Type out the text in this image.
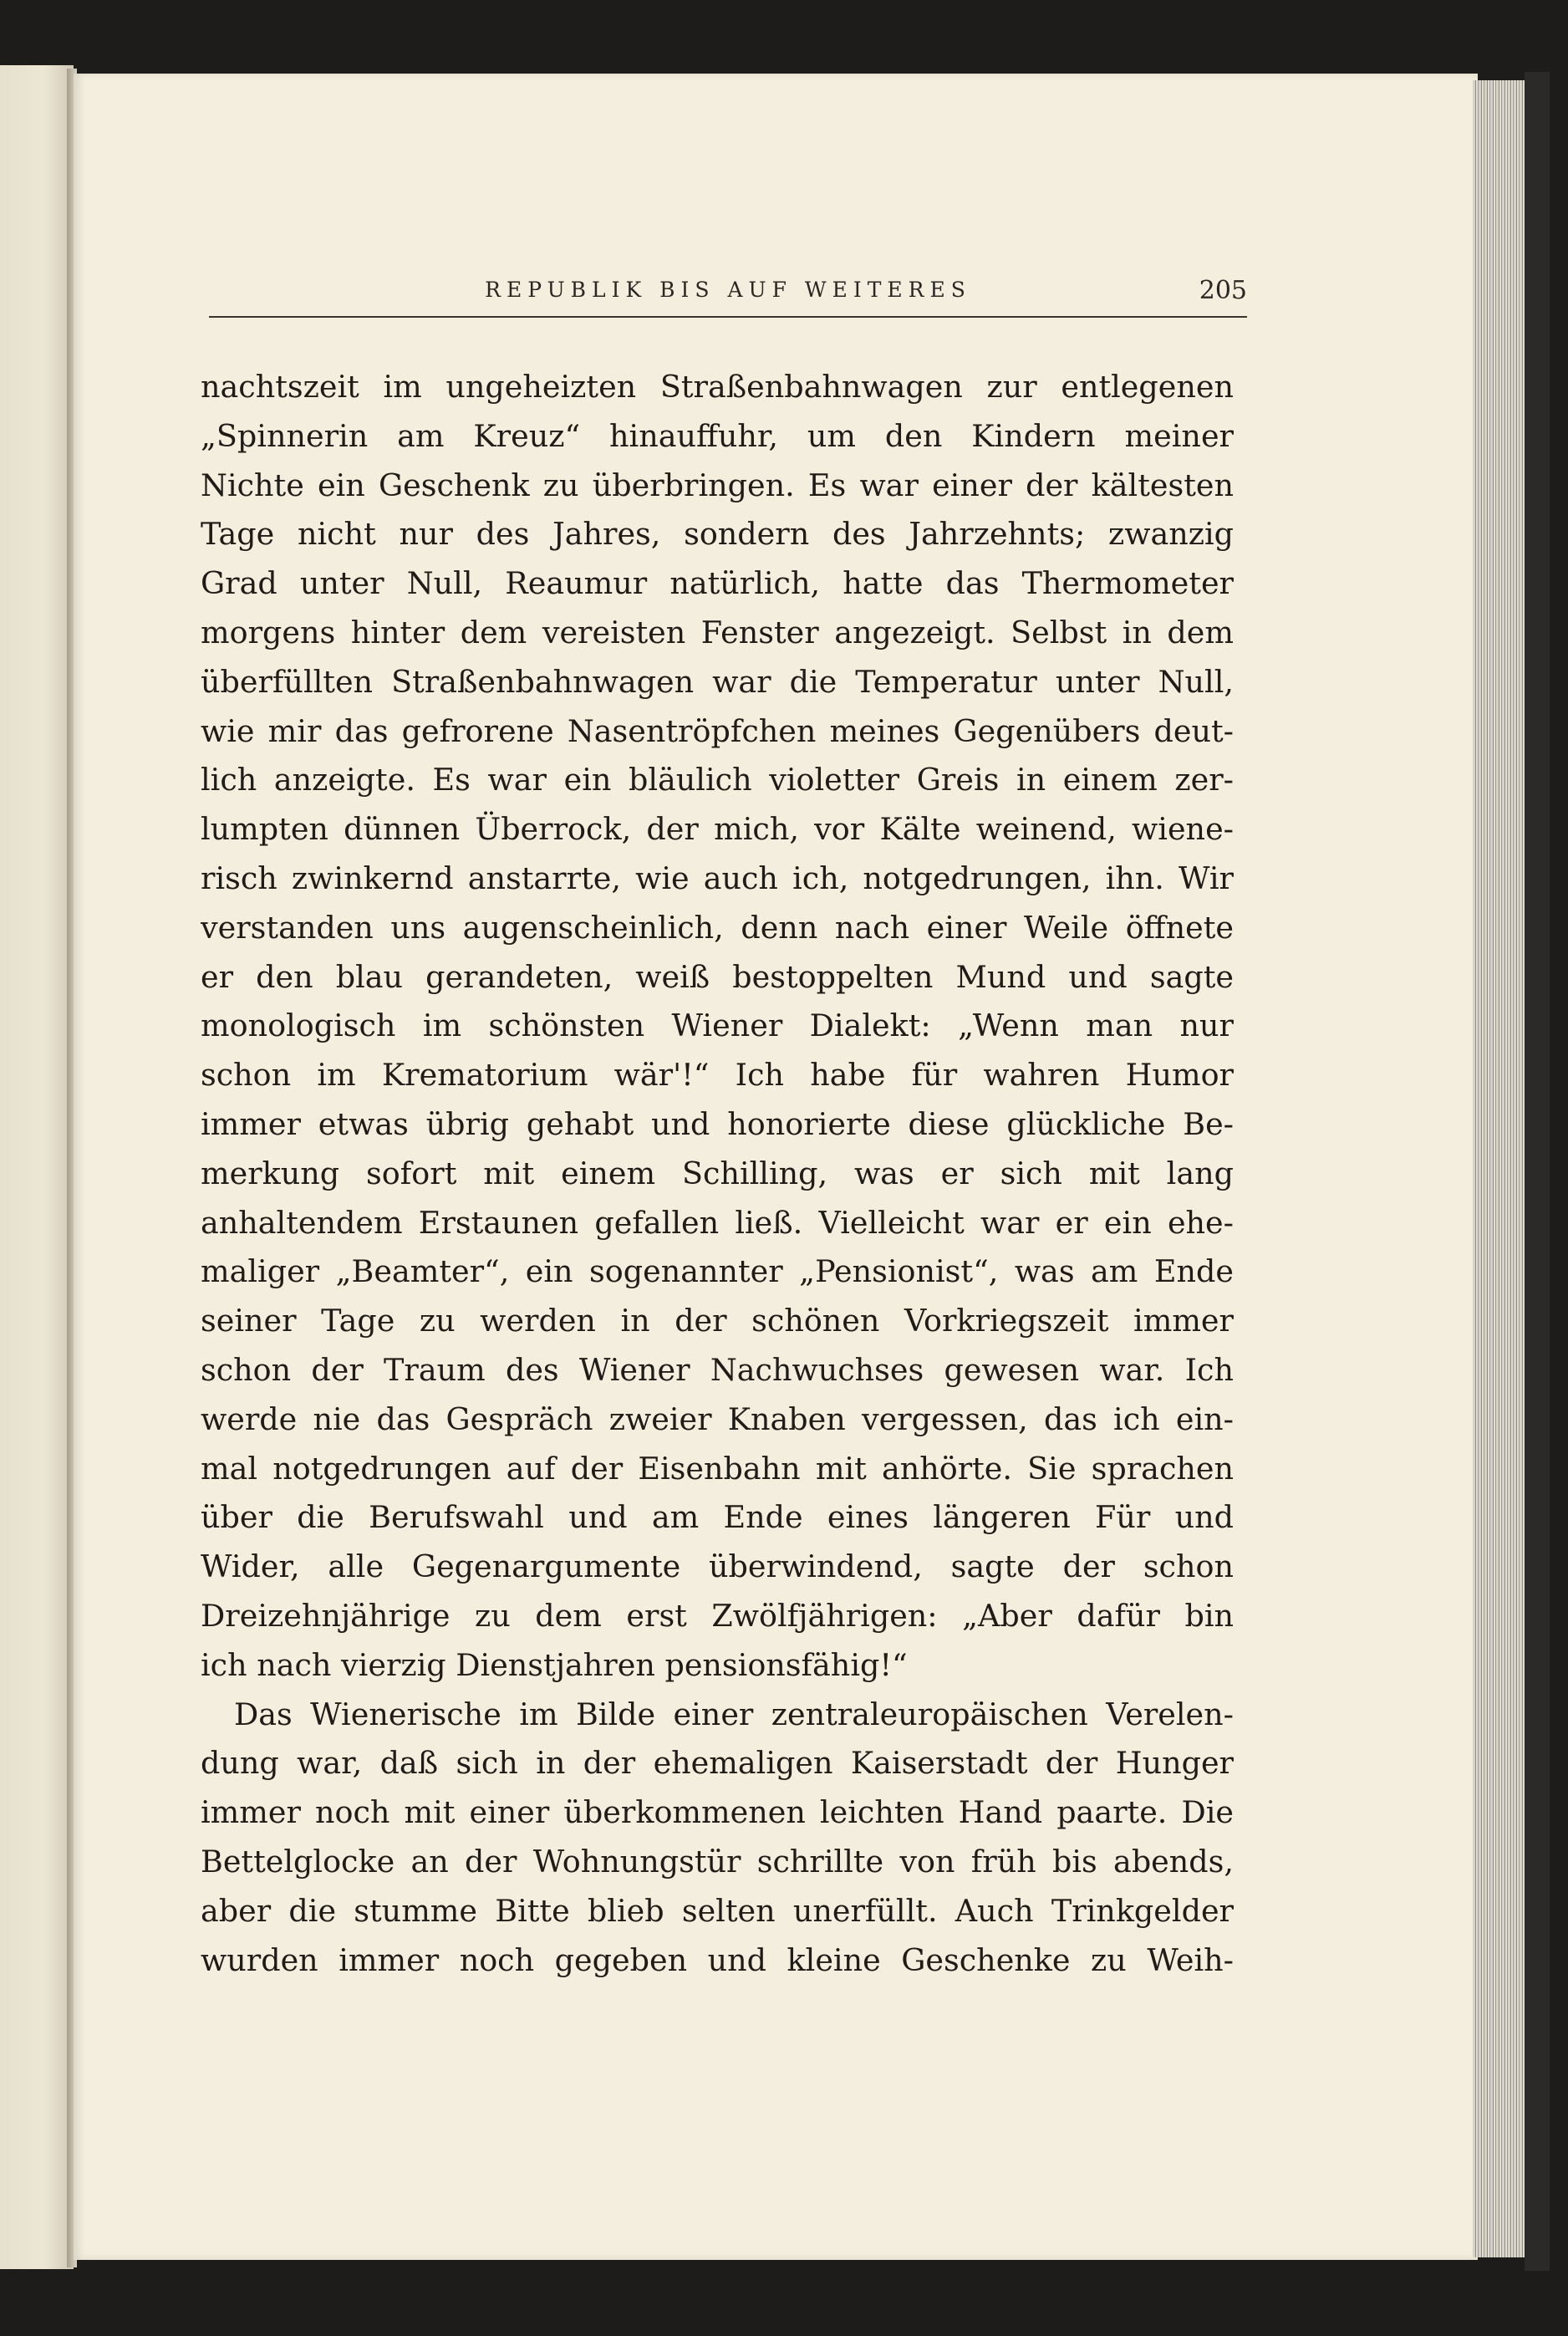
REPUBLIK BIS AUF WEITERES	205
nachtszeit im ungeheizten Straßenbahnwagen zur entlegenen
„Spinnerin am Kreuz“ hinauffuhr, um den Kindern meiner
Nichte ein Geschenk zu überbringen. Es war einer der kältesten
Tage nicht nur des Jahres, sondern des Jahrzehnts; zwanzig
Grad unter Null, Reaumur natürlich, hatte das Thermometer
morgens hinter dem vereisten Fenster angezeigt. Selbst in dem
überfüllten Straßenbahnwagen war die Temperatur unter Null,
wie mir das gefrorene Nasentröpfchen meines Gegenübers deut-
lich anzeigte. Es war ein bläulich violetter Greis in einem zer-
lumpten dünnen Überrock, der mich, vor Kälte weinend, wiene-
risch zwinkernd anstarrte, wie auch ich, notgedrungen, ihn. Wir
verstanden uns augenscheinlich, denn nach einer Weile öffnete
er den blau gerandeten, weiß bestoppelten Mund und sagte
monologisch im schönsten Wiener Dialekt: „Wenn man nur
schon im Krematorium wär'!“ Ich habe für wahren Humor
immer etwas übrig gehabt und honorierte diese glückliche Be-
merkung sofort mit einem Schilling, was er sich mit lang
anhaltendem Erstaunen gefallen ließ. Vielleicht war er ein ehe-
maliger „Beamter“, ein sogenannter „Pensionist“, was am Ende
seiner Tage zu werden in der schönen Vorkriegszeit immer
schon der Traum des Wiener Nachwuchses gewesen war. Ich
werde nie das Gespräch zweier Knaben vergessen, das ich ein-
mal notgedrungen auf der Eisenbahn mit anhörte. Sie sprachen
über die Berufswahl und am Ende eines längeren Für und
Wider, alle Gegenargumente überwindend, sagte der schon
Dreizehnjährige zu dem erst Zwölfjährigen: „Aber dafür bin
ich nach vierzig Dienstjahren pensionsfähig!“
Das Wienerische im Bilde einer zentraleuropäischen Verelen-
dung war, daß sich in der ehemaligen Kaiserstadt der Hunger
immer noch mit einer überkommenen leichten Hand paarte. Die
Bettelglocke an der Wohnungstür schrillte von früh bis abends,
aber die stumme Bitte blieb selten unerfüllt. Auch Trinkgelder
wurden immer noch gegeben und kleine Geschenke zu Weih-
